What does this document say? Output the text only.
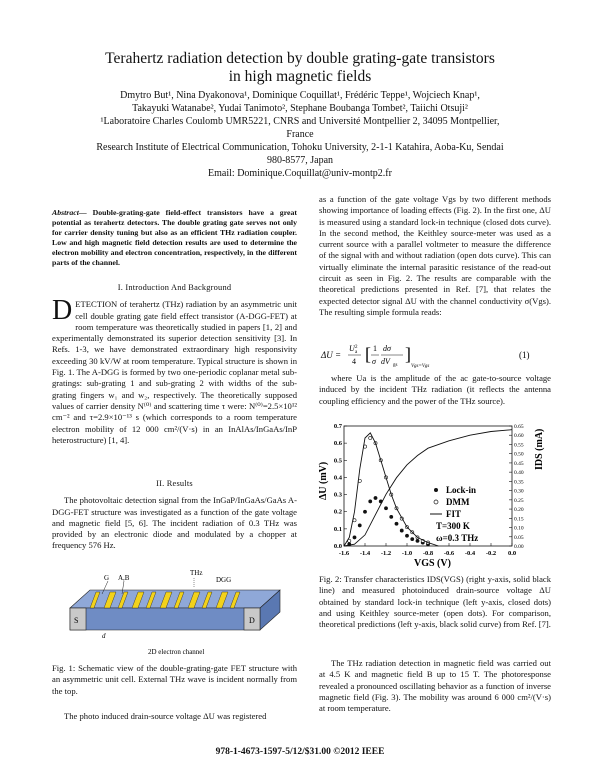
Terahertz radiation detection by double grating-gate transistors
in high magnetic fields
Dmytro But¹, Nina Dyakonova¹, Dominique Coquillat¹, Frédéric Teppe¹, Wojciech Knap¹,
Takayuki Watanabe², Yudai Tanimoto², Stephane Boubanga Tombet², Taiichi Otsuji²
¹Laboratoire Charles Coulomb UMR5221, CNRS and Université Montpellier 2, 34095 Montpellier,
France
Research Institute of Electrical Communication, Tohoku University, 2-1-1 Katahira, Aoba-Ku, Sendai
980-8577, Japan
Email: Dominique.Coquillat@univ-montp2.fr

Abstract— Double-grating-gate field-effect transistors have a great potential as terahertz detectors. The double grating gate serves not only for carrier density tuning but also as an efficient THz radiation coupler. Low and high magnetic field detection results are used to determine the electron mobility and electron concentration, respectively, in the different parts of the channel.

I. Introduction And Background

DETECTION of terahertz (THz) radiation by an asymmetric unit cell double grating gate field effect transistor (A-DGG-FET) at room temperature was theoretically studied in papers [1, 2] and experimentally demonstrated its superior detection sensitivity [3]. In Refs. 1-3, we have demonstrated extraordinary high responsivity exceeding 30 kV/W at room temperature. Typical structure is shown in Fig. 1. The A-DGG is formed by two one-periodic coplanar metal sub-gratings: sub-grating 1 and sub-grating 2 with widths of the sub-grating fingers w₁ and w₂, respectively. The theoretically supposed values of carrier density N⁽⁰⁾ and scattering time τ were: N⁽⁰⁾=2.5×10¹² cm⁻² and τ=2.9×10⁻¹³ s (which corresponds to a room temperature electron mobility of 12 000 cm²/(V·s) in an InAlAs/InGaAs/InP heterostructure) [1, 4].

II. Results

The photovoltaic detection signal from the InGaP/InGaAs/GaAs A-DGG-FET structure was investigated as a function of the gate voltage and magnetic field [5, 6]. The incident radiation of 0.3 THz was provided by an electronic diode and modulated by a chopper at frequency 576 Hz.

G A,B
THz
DGG
S	D
d
2D electron channel
Fig. 1: Schematic view of the double-grating-gate FET structure with an asymmetric unit cell. External THz wave is incident normally from the top.
The photo induced drain-source voltage ΔU was registered
as a function of the gate voltage Vgs by two different methods showing importance of loading effects (Fig. 2). In the first one, ΔU is measured using a standard lock-in technique (closed dots curve). In the second method, the Keithley source-meter was used as a current source with a parallel voltmeter to measure the difference of the signal with and without radiation (open dots curve). This can virtually eliminate the internal parasitic resistance of the read-out circuit as seen in Fig. 2. The results are comparable with the theoretical predictions presented in Ref. [7], that relates the expected detector signal ΔU with the channel conductivity σ(Vgs). The resulting simple formula reads:
ΔU =
U a
2
4 [ 1
σ
dσ
dV gs
]
Vgs=Vgs
(1)
where Ua is the amplitude of the ac gate-to-source voltage induced by the incident THz radiation (it reflects the antenna coupling efficiency and the power of the THz source).
-1.6 -1.4 -1.2 -1.0 -0.8 -0.6 -0.4 -0.2 0.0
0.0
0.1
0.2
0.3
0.4
0.5
0.6
0.7
0.00
0.05
0.10
0.15
0.20
0.25
0.30
0.35
0.40
0.45
0.50
0.55
0.60
0.65
ΔU (mV)
IDS (mA)
VGS (V)
Lock-in
DMM
FIT
T=300 K
ω=0.3 THz
Fig. 2: Transfer characteristics IDS(VGS) (right y-axis, solid black line) and measured photoinduced drain-source voltage ΔU obtained by standard lock-in technique (left y-axis, closed dots) and using Keithley source-meter (open dots). For comparison, theoretical predictions (left y-axis, black solid curve) from Ref. [7].
The THz radiation detection in magnetic field was carried out at 4.5 K and magnetic field B up to 15 T. The photoresponse revealed a pronounced oscillating behavior as a function of inverse magnetic field (Fig. 3). The mobility was around 6 000 cm²/(V·s) at room temperature.
978-1-4673-1597-5/12/$31.00 ©2012 IEEE
